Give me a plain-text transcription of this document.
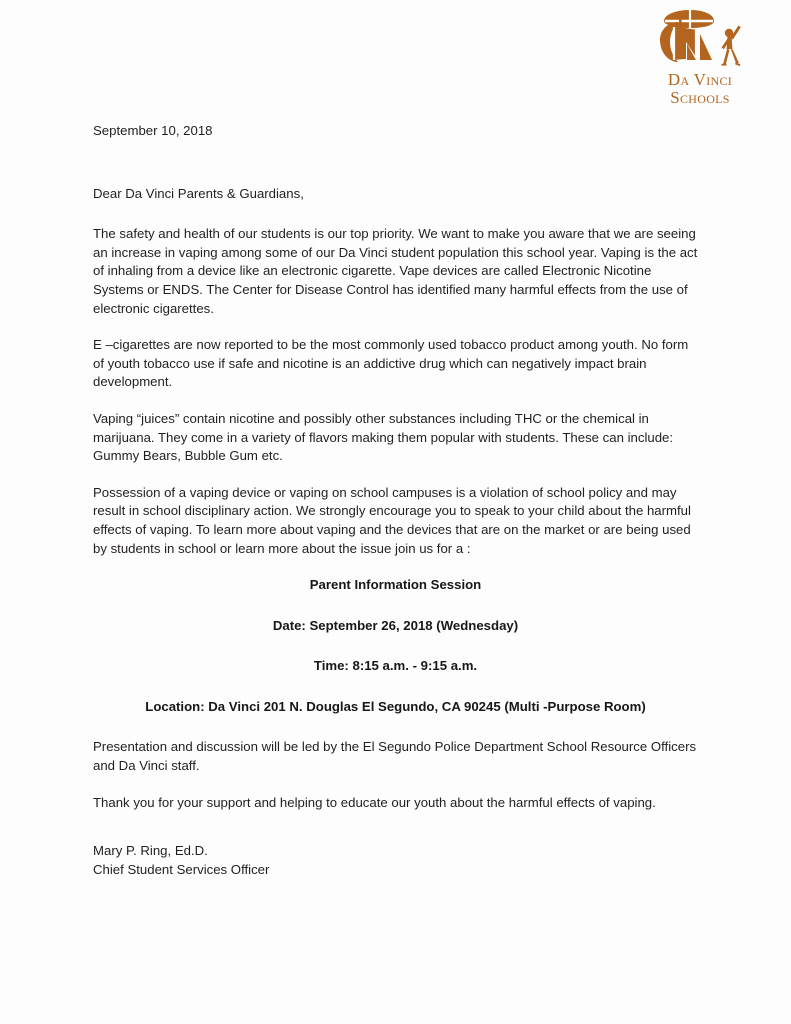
Da Vinci
Schools
September 10, 2018
Dear Da Vinci Parents & Guardians,

The safety and health of our students is our top priority. We want to make you aware that we are seeing an increase in vaping among some of our Da Vinci student population this school year. Vaping is the act of inhaling from a device like an electronic cigarette. Vape devices are called Electronic Nicotine Systems or ENDS. The Center for Disease Control has identified many harmful effects from the use of electronic cigarettes.

E –cigarettes are now reported to be the most commonly used tobacco product among youth. No form of youth tobacco use if safe and nicotine is an addictive drug which can negatively impact brain development.

Vaping “juices” contain nicotine and possibly other substances including THC or the chemical in marijuana. They come in a variety of flavors making them popular with students. These can include: Gummy Bears, Bubble Gum etc.

Possession of a vaping device or vaping on school campuses is a violation of school policy and may result in school disciplinary action. We strongly encourage you to speak to your child about the harmful effects of vaping. To learn more about vaping and the devices that are on the market or are being used by students in school or learn more about the issue join us for a :

Parent Information Session
Date: September 26, 2018 (Wednesday)
Time: 8:15 a.m. - 9:15 a.m.
Location: Da Vinci 201 N. Douglas El Segundo, CA 90245 (Multi -Purpose Room)

Presentation and discussion will be led by the El Segundo Police Department School Resource Officers and Da Vinci staff.

Thank you for your support and helping to educate our youth about the harmful effects of vaping.

Mary P. Ring, Ed.D.
Chief Student Services Officer
